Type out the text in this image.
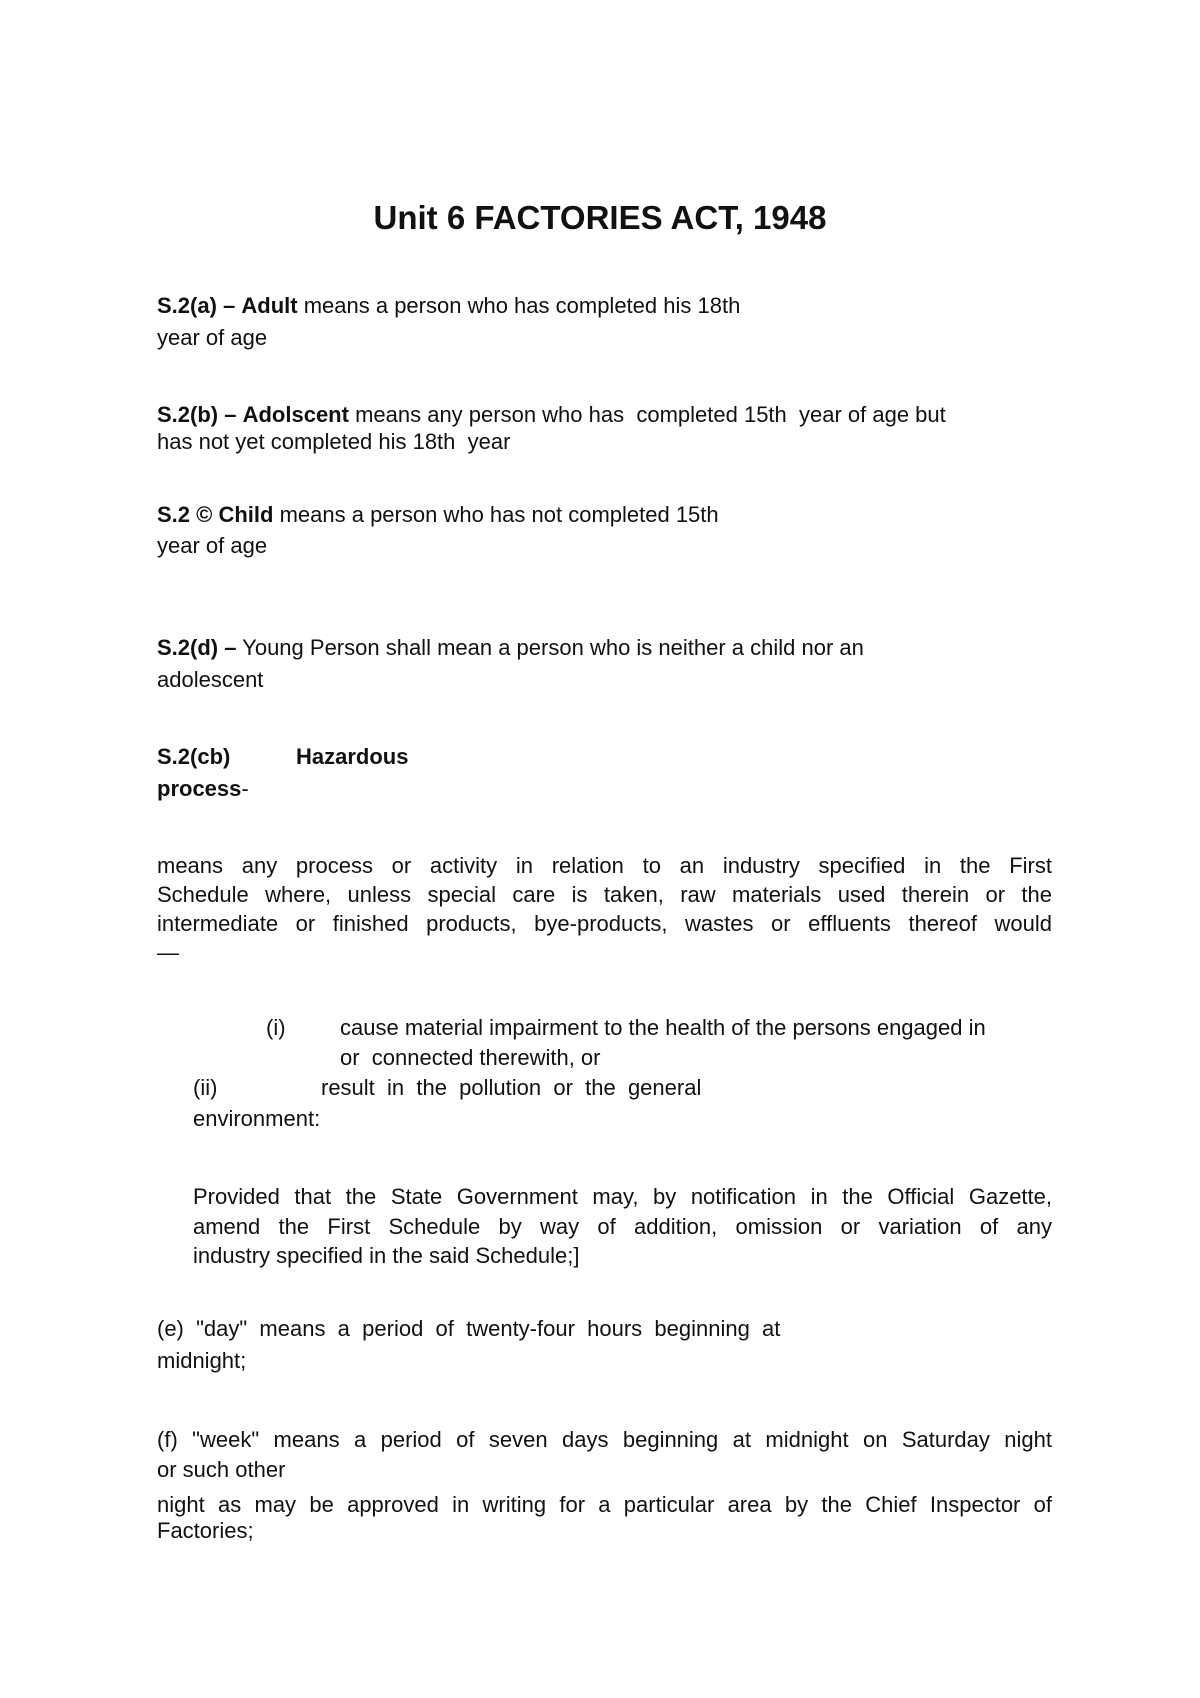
Unit 6 FACTORIES ACT, 1948
S.2(a) – Adult means a person who has completed his 18th
year of age
S.2(b) – Adolscent means any person who has  completed 15th  year of age but
has not yet completed his 18th  year
S.2 © Child means a person who has not completed 15th
year of age
S.2(d) – Young Person shall mean a person who is neither a child nor an
adolescent
S.2(cb)	Hazardous
process-
means any process or activity in relation to an industry specified in the First
Schedule where, unless special care is taken, raw materials used therein or the
intermediate or finished products, bye-products, wastes or effluents thereof would
—
(i) cause material impairment to the health of the persons engaged in
or  connected therewith, or
(ii)	result  in  the  pollution  or  the  general
environment:
Provided that the State Government may, by notification in the Official Gazette,
amend the First Schedule by way of addition, omission or variation of any
industry specified in the said Schedule;]
(e)  "day"  means  a  period  of  twenty-four  hours  beginning  at
midnight;
(f) "week" means a period of seven days beginning at midnight on Saturday night
or such other
night as may be approved in writing for a particular area by the Chief Inspector of
Factories;
